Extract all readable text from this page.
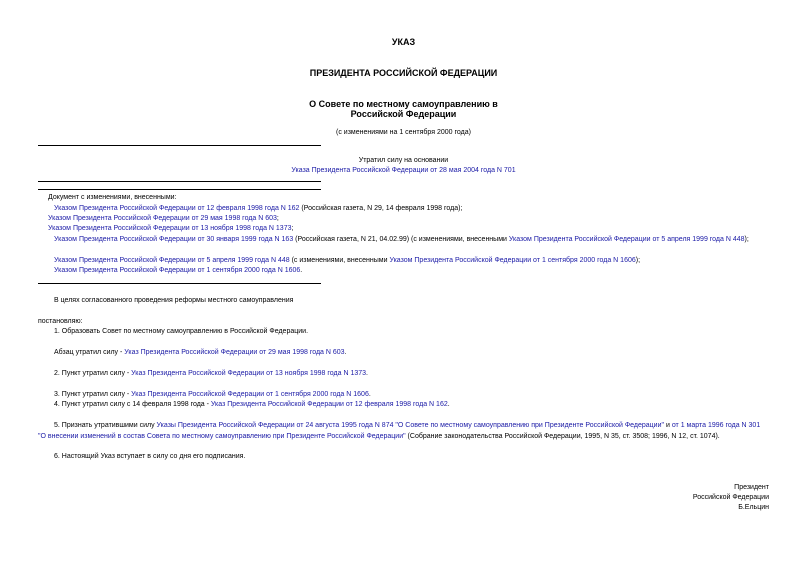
УКАЗ
ПРЕЗИДЕНТА РОССИЙСКОЙ ФЕДЕРАЦИИ
О Совете по местному самоуправлению в
Российской Федерации
(с изменениями на 1 сентября 2000 года)
Утратил силу на основании
Указа Президента Российской Федерации от 28 мая 2004 года N 701
Документ с изменениями, внесенными:
Указом Президента Российской Федерации от 12 февраля 1998 года N 162 (Российская газета, N 29, 14 февраля 1998 года);
Указом Президента Российской Федерации от 29 мая 1998 года N 603;
Указом Президента Российской Федерации от 13 ноября 1998 года N 1373;
Указом Президента Российской Федерации от 30 января 1999 года N 163 (Российская газета, N 21, 04.02.99) (с изменениями, внесенными Указом Президента Российской Федерации от 5 апреля 1999 года N 448);
Указом Президента Российской Федерации от 5 апреля 1999 года N 448 (с изменениями, внесенными Указом Президента Российской Федерации от 1 сентября 2000 года N 1606);
Указом Президента Российской Федерации от 1 сентября 2000 года N 1606.
В целях согласованного проведения реформы местного самоуправления
постановляю:
1. Образовать Совет по местному самоуправлению в Российской Федерации.
Абзац утратил силу - Указ Президента Российской Федерации от 29 мая 1998 года N 603.
2. Пункт утратил силу - Указ Президента Российской Федерации от 13 ноября 1998 года N 1373.
3. Пункт утратил силу - Указ Президента Российской Федерации от 1 сентября 2000 года N 1606.
4. Пункт утратил силу с 14 февраля 1998 года - Указ Президента Российской Федерации от 12 февраля 1998 года N 162.
5. Признать утратившими силу Указы Президента Российской Федерации от 24 августа 1995 года N 874 "О Совете по местному самоуправлению при Президенте Российской Федерации" и от 1 марта 1996 года N 301 "О внесении изменений в состав Совета по местному самоуправлению при Президенте Российской Федерации" (Собрание законодательства Российской Федерации, 1995, N 35, ст. 3508; 1996, N 12, ст. 1074).
6. Настоящий Указ вступает в силу со дня его подписания.
Президент
Российской Федерации
Б.Ельцин
